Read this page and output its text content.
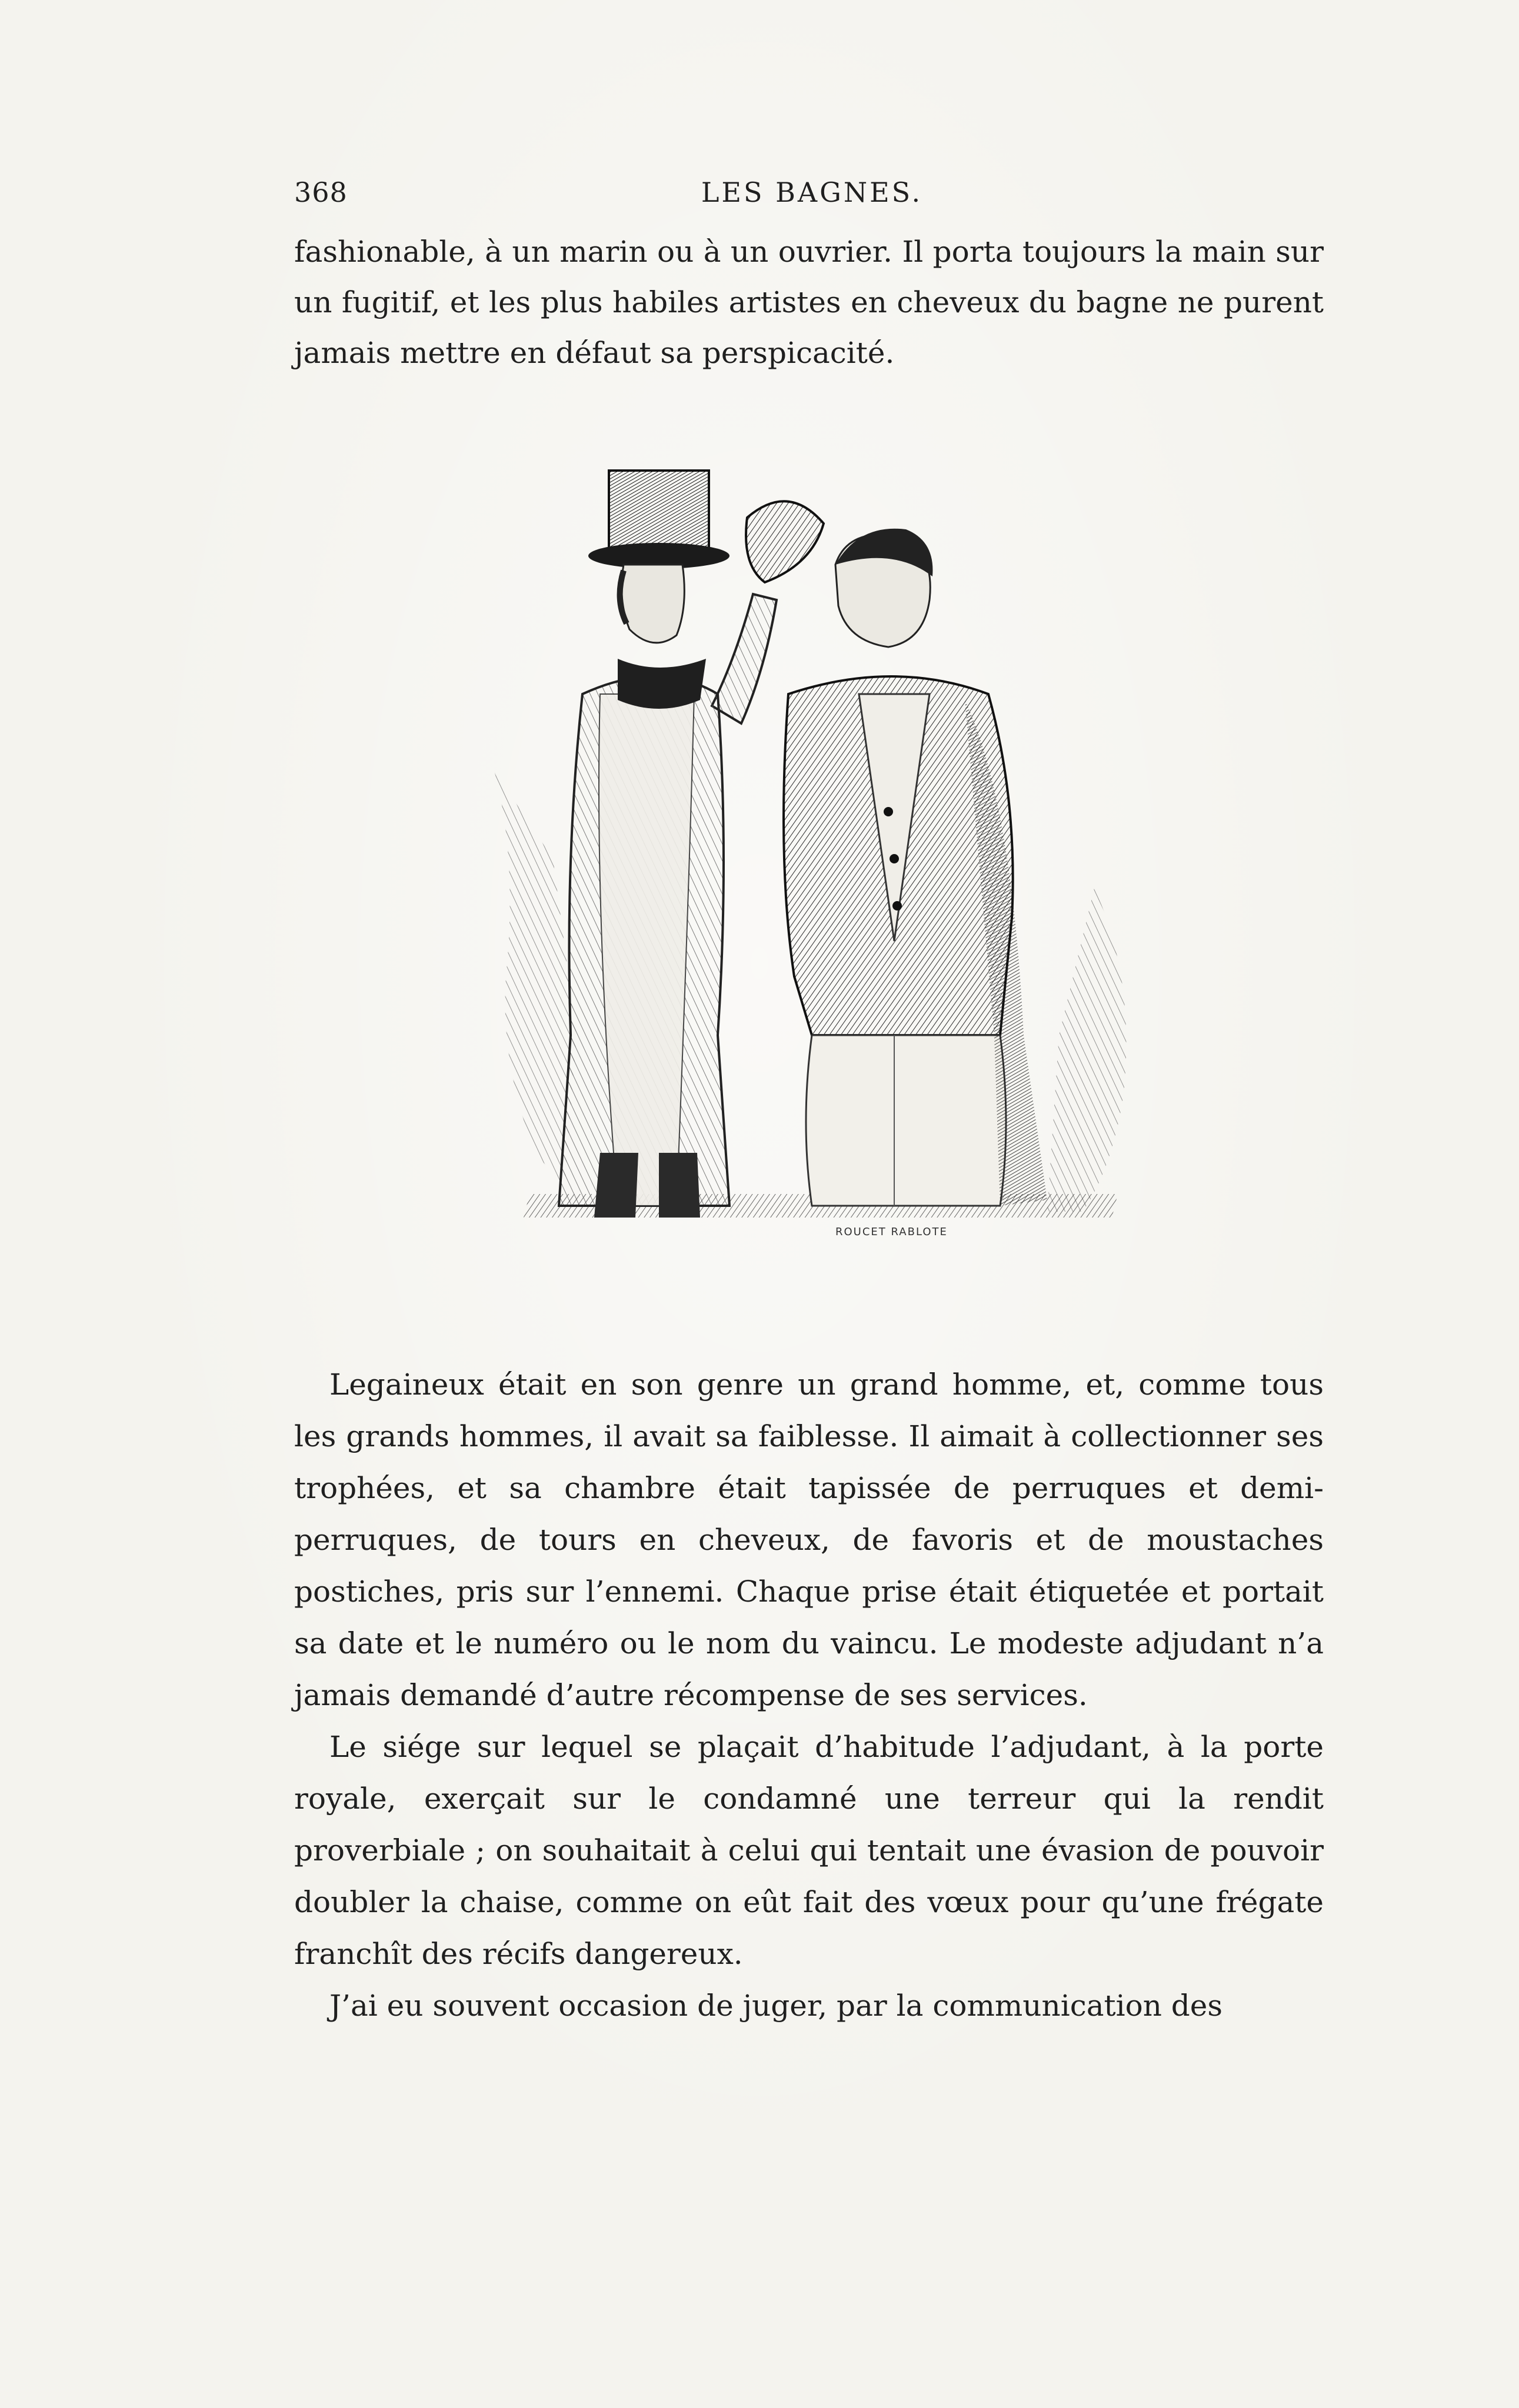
368	LES BAGNES.

fashionable, à un marin ou à un ouvrier. Il porta toujours la main sur un fugitif, et les plus habiles artistes en cheveux du bagne ne purent jamais mettre en défaut sa perspicacité.

ROUCET RABLOTE

Legaineux était en son genre un grand homme, et, comme tous les grands hommes, il avait sa faiblesse. Il aimait à collectionner ses trophées, et sa chambre était tapissée de perruques et demi-perruques, de tours en cheveux, de favoris et de moustaches postiches, pris sur l’ennemi. Chaque prise était étiquetée et portait sa date et le numéro ou le nom du vaincu. Le modeste adjudant n’a jamais demandé d’autre récompense de ses services.

Le siége sur lequel se plaçait d’habitude l’adjudant, à la porte royale, exerçait sur le condamné une terreur qui la rendit proverbiale ; on souhaitait à celui qui tentait une évasion de pouvoir doubler la chaise, comme on eût fait des vœux pour qu’une frégate franchît des récifs dangereux.

J’ai eu souvent occasion de juger, par la communication des
